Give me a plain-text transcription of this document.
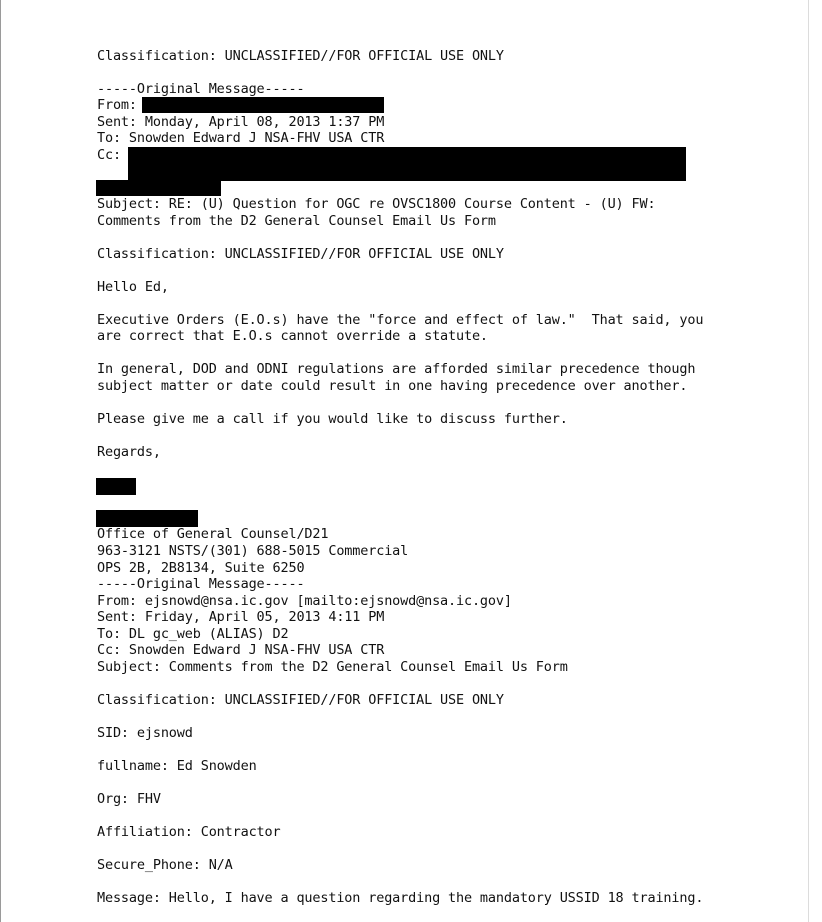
Classification: UNCLASSIFIED//FOR OFFICIAL USE ONLY
-----Original Message-----
From:
Sent: Monday, April 08, 2013 1:37 PM
To: Snowden Edward J NSA-FHV USA CTR
Cc:
Subject: RE: (U) Question for OGC re OVSC1800 Course Content - (U) FW:
Comments from the D2 General Counsel Email Us Form
Classification: UNCLASSIFIED//FOR OFFICIAL USE ONLY
Hello Ed,
Executive Orders (E.O.s) have the "force and effect of law."  That said, you
are correct that E.O.s cannot override a statute.
In general, DOD and ODNI regulations are afforded similar precedence though
subject matter or date could result in one having precedence over another.
Please give me a call if you would like to discuss further.
Regards,
Office of General Counsel/D21
963-3121 NSTS/(301) 688-5015 Commercial
OPS 2B, 2B8134, Suite 6250
-----Original Message-----
From: ejsnowd@nsa.ic.gov [mailto:ejsnowd@nsa.ic.gov]
Sent: Friday, April 05, 2013 4:11 PM
To: DL gc_web (ALIAS) D2
Cc: Snowden Edward J NSA-FHV USA CTR
Subject: Comments from the D2 General Counsel Email Us Form
Classification: UNCLASSIFIED//FOR OFFICIAL USE ONLY
SID: ejsnowd
fullname: Ed Snowden
Org: FHV
Affiliation: Contractor
Secure_Phone: N/A
Message: Hello, I have a question regarding the mandatory USSID 18 training.
